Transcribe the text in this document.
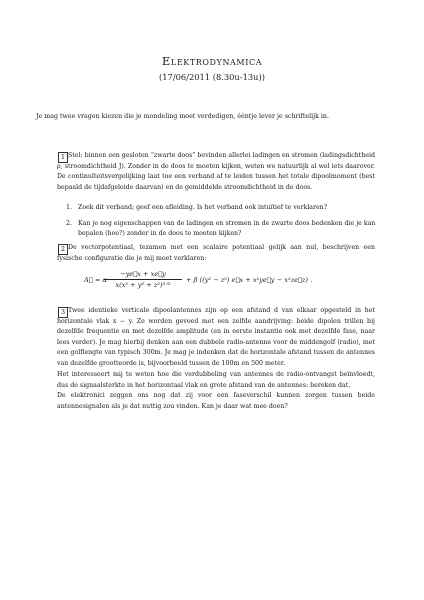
Elektrodynamica
(17/06/2011 (8.30u-13u))
Je mag twee vragen kiezen die je mondeling moet verdedigen, ééntje lever je schriftelijk in.
1 Stel: binnen een gesloten “zwarte doos” bevinden allerlei ladingen en stromen (ladingsdichtheid ρ, stroomdichtheid J). Zonder in de doos te moeten kijken, weten we natuurlijk al wel iets daarover. De continuïteitsvergelijking laat toe een verband af te leiden tussen het totale dipoolmoment (best bepaald de tijdafgeleide daarvan) en de gemiddelde stroomdichtheid in de doos.
1. Zoek dit verband; geef een afleiding. Is het verband ook intuïtief te verklaren?
2. Kan je nog eigenschappen van de ladingen en stromen in de zwarte doos bedenken die je kan bepalen (hoe?) zonder in de doos te moeten kijken?
2 De vectorpotentiaal, tezamen met een scalaire potentiaal gelijk aan nul, beschrijven een fysische configuratie die je mij moet verklaren:
A⃗ = α
−ye⃗x + xe⃗y
x(x² + y² + z²)³ᐟ²
+ β ((y² − z²) e⃗x + x²ye⃗y − x²ze⃗z) .
3 Twee identieke verticale dipoolantennes zijn op een afstand d van elkaar opgesteld in het horizontale vlak x − y. Ze worden gevoed met een zelfde aandrijving: beide dipolen trillen bij dezelfde frequentie en met dezelfde amplitude (en in eerste instantie ook met dezelfde fase, naar lees verder). Je mag hierbij denken aan een dubbele radio-antenne voor de middengolf (radio), met een golflengte van typisch 300m. Je mag je indenken dat de horizontale afstand tussen de antennes van dezelfde grootteorde is, bijvoorbeeld tussen de 100m en 500 meter.
Het interesseert mij te weten hoe die verdubbeling van antennes de radio-ontvangst beïnvloedt, dus de signaalsterkte in het horizontaal vlak en grote afstand van de antennes: bereken dat.
De elektronici zeggen ons nog dat zij voor een faseverschil kunnen zorgen tussen beide antennesignalen als je dat nuttig zou vinden. Kan je daar wat mee doen?
